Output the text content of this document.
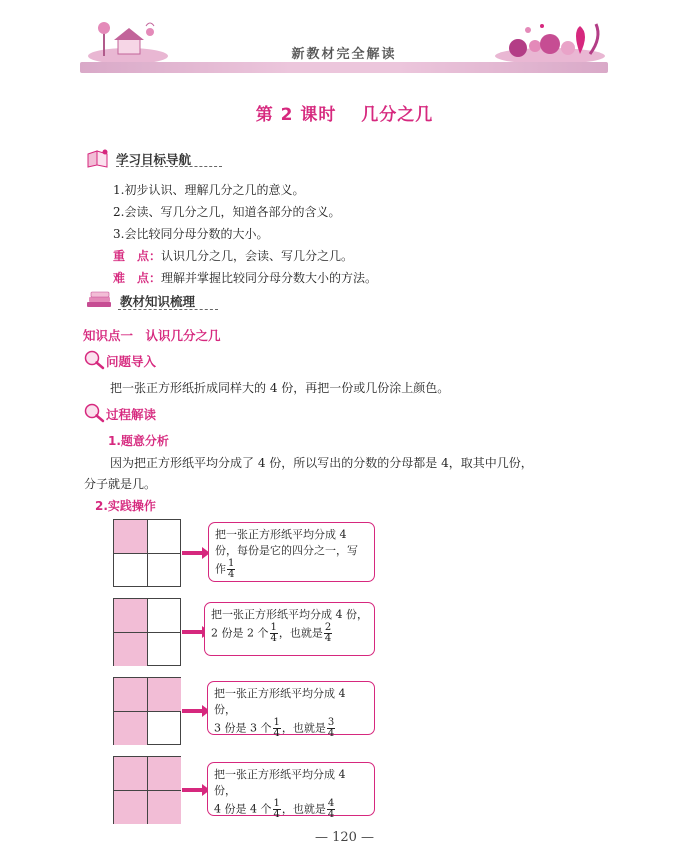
新教材完全解读
第 2 课时　 几分之几
学习目标导航
1.初步认识、理解几分之几的意义。
2.会读、写几分之几，知道各部分的含义。
3.会比较同分母分数的大小。
重　点：认识几分之几，会读、写几分之几。
难　点：理解并掌握比较同分母分数大小的方法。
教材知识梳理
知识点一　认识几分之几
问题导入
把一张正方形纸折成同样大的 4 份，再把一份或几份涂上颜色。
过程解读
1.题意分析
因为把正方形纸平均分成了 4 份，所以写出的分数的分母都是 4，取其中几份，
分子就是几。
2.实践操作
把一张正方形纸平均分成 4
份，每份是它的四分之一，写
作 $\frac{1}{4}$
把一张正方形纸平均分成 4 份，
2 份是 2 个 $\frac{1}{4}$ ，也就是 $\frac{2}{4}$
把一张正方形纸平均分成 4 份，
3 份是 3 个 $\frac{1}{4}$ ，也就是 $\frac{3}{4}$
把一张正方形纸平均分成 4 份，
4 份是 4 个 $\frac{1}{4}$ ，也就是 $\frac{4}{4}$
— 120 —
